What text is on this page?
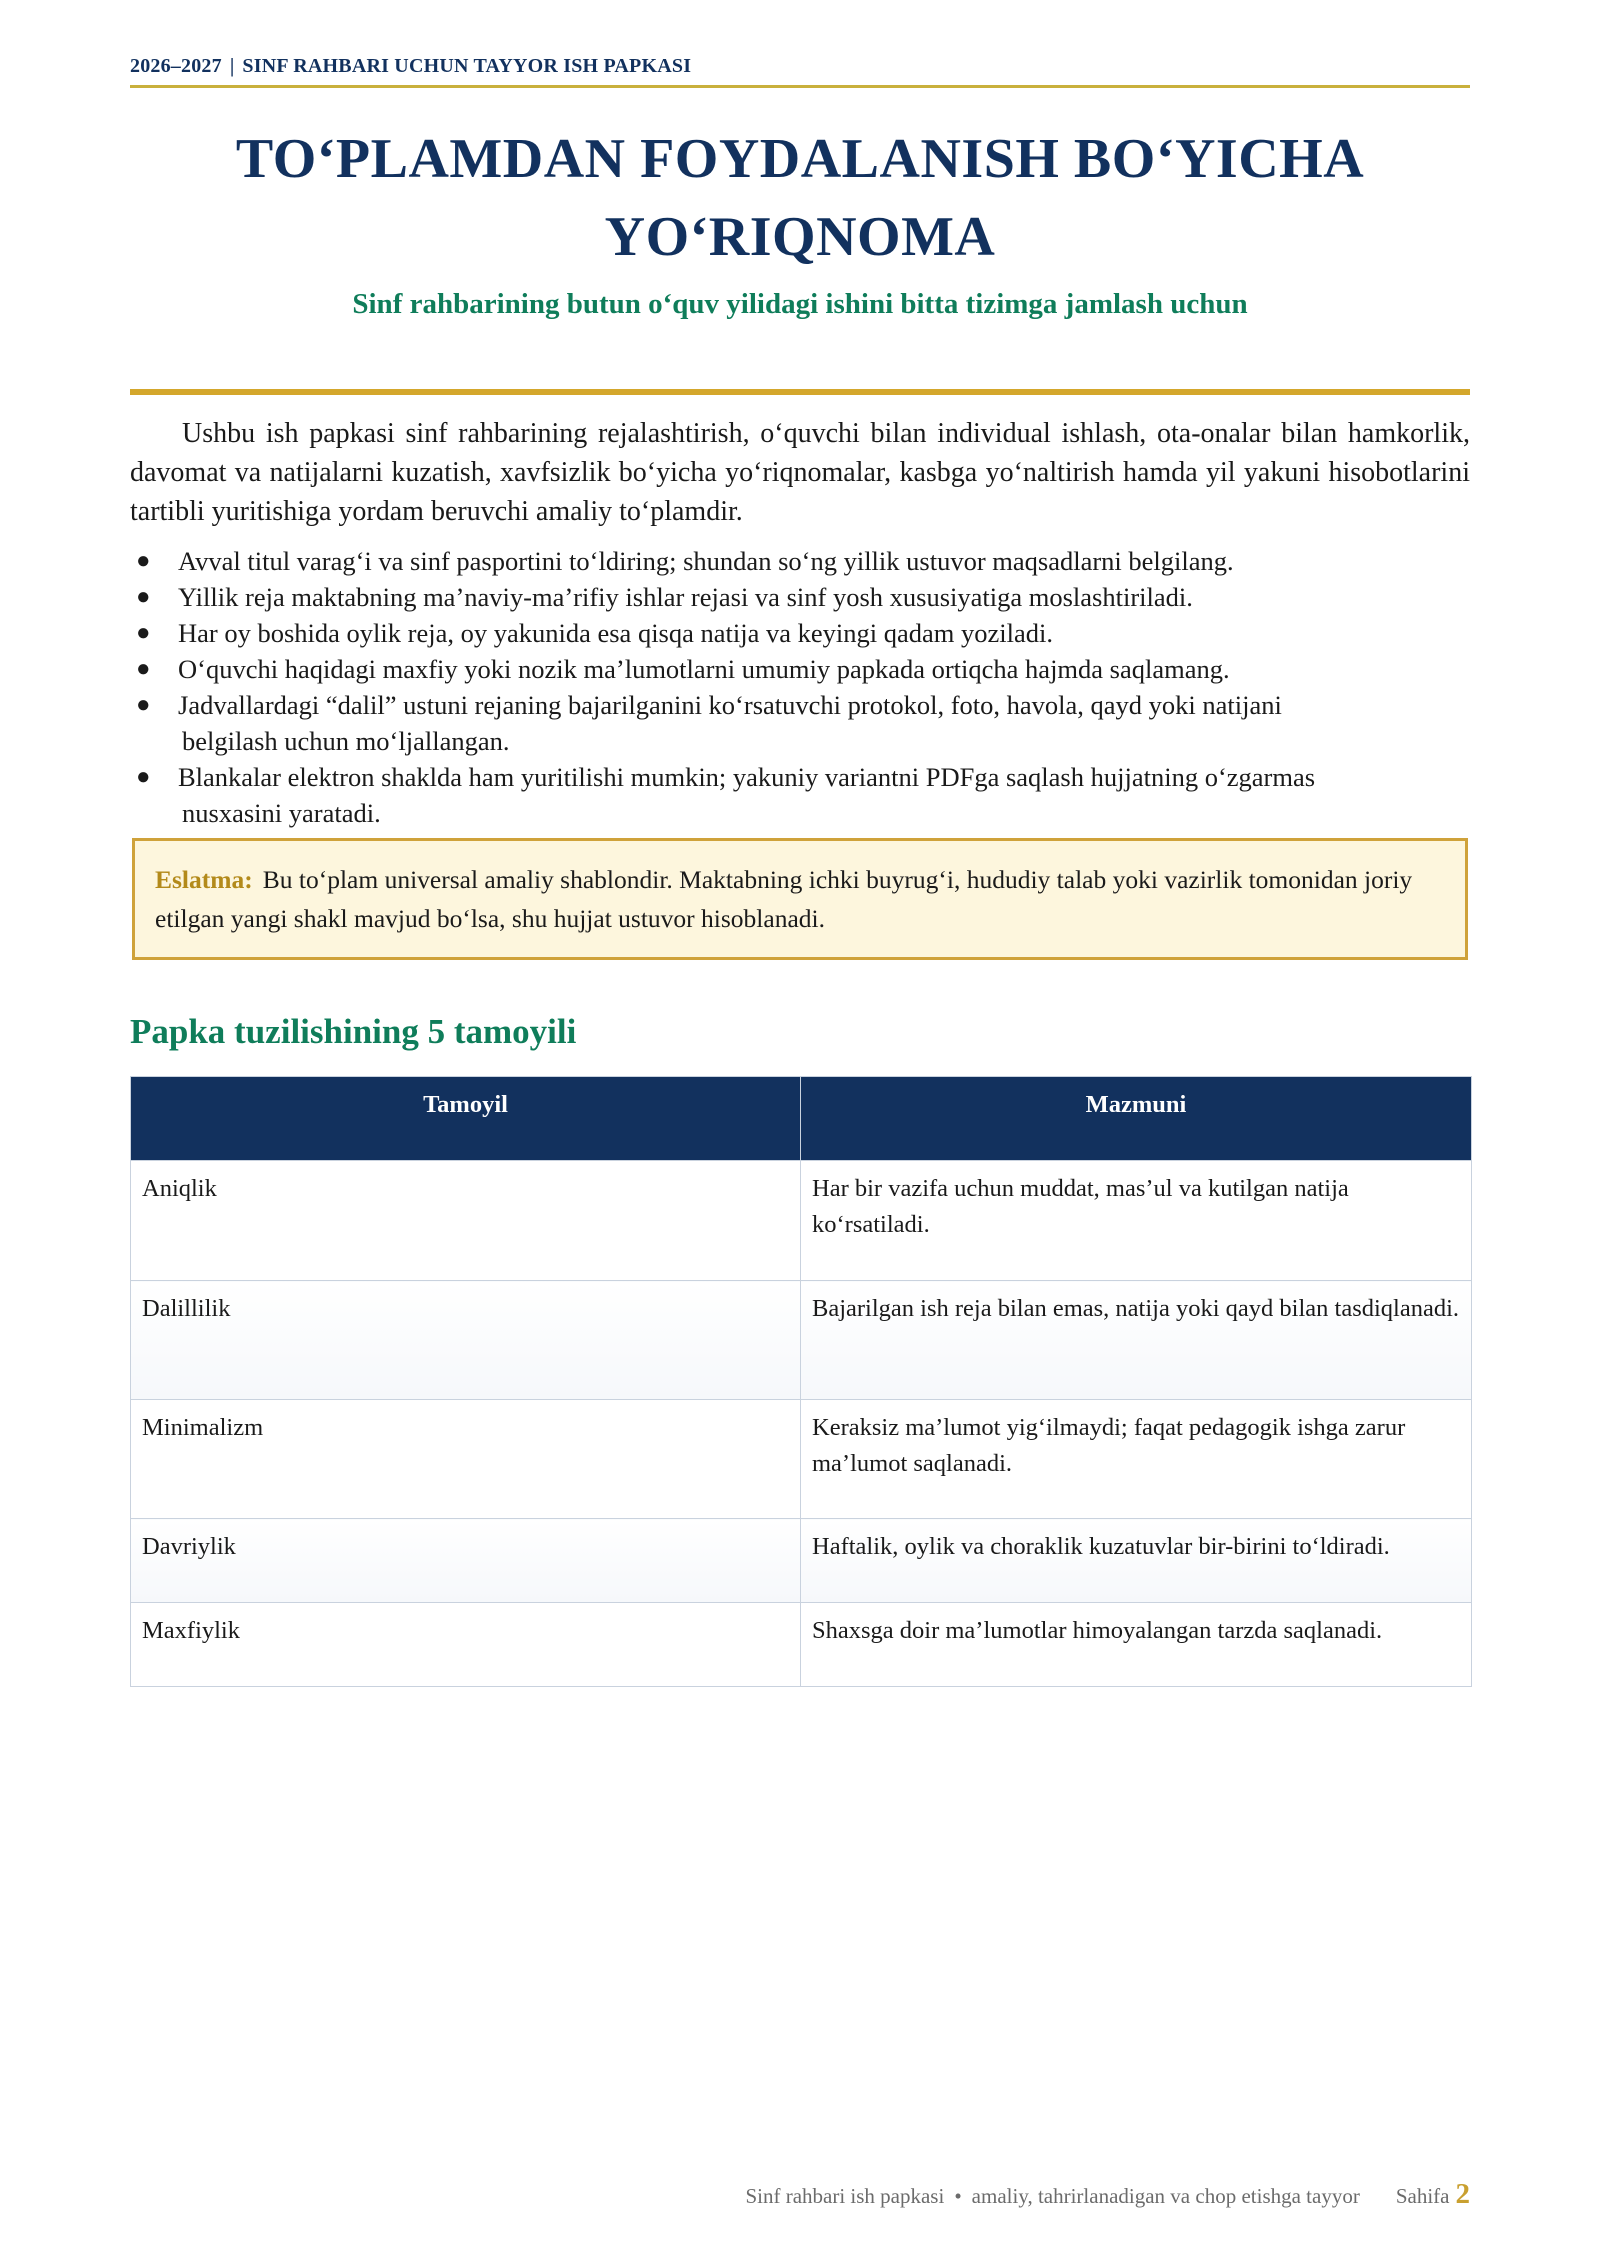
2026–2027 | SINF RAHBARI UCHUN TAYYOR ISH PAPKASI
TO‘PLAMDAN FOYDALANISH BO‘YICHA
YO‘RIQNOMA

Sinf rahbarining butun o‘quv yilidagi ishini bitta tizimga jamlash uchun

Ushbu ish papkasi sinf rahbarining rejalashtirish, o‘quvchi bilan individual ishlash, ota-onalar bilan hamkorlik, davomat va natijalarni kuzatish, xavfsizlik bo‘yicha yo‘riqnomalar, kasbga yo‘naltirish hamda yil yakuni hisobotlarini tartibli yuritishiga yordam beruvchi amaliy to‘plamdir.

● Avval titul varag‘i va sinf pasportini to‘ldiring; shundan so‘ng yillik ustuvor maqsadlarni belgilang.
● Yillik reja maktabning ma’naviy-ma’rifiy ishlar rejasi va sinf yosh xususiyatiga moslashtiriladi.
● Har oy boshida oylik reja, oy yakunida esa qisqa natija va keyingi qadam yoziladi.
● O‘quvchi haqidagi maxfiy yoki nozik ma’lumotlarni umumiy papkada ortiqcha hajmda saqlamang.
● Jadvallardagi “dalil” ustuni rejaning bajarilganini ko‘rsatuvchi protokol, foto, havola, qayd yoki natijani
belgilash uchun mo‘ljallangan.
● Blankalar elektron shaklda ham yuritilishi mumkin; yakuniy variantni PDFga saqlash hujjatning o‘zgarmas
nusxasini yaratadi.
Eslatma: Bu to‘plam universal amaliy shablondir. Maktabning ichki buyrug‘i, hududiy talab yoki vazirlik tomonidan joriy etilgan yangi shakl mavjud bo‘lsa, shu hujjat ustuvor hisoblanadi.
Papka tuzilishining 5 tamoyili
Tamoyil	Mazmuni
Aniqlik	Har bir vazifa uchun muddat, mas’ul va kutilgan natija ko‘rsatiladi.
Dalillilik	Bajarilgan ish reja bilan emas, natija yoki qayd bilan tasdiqlanadi.
Minimalizm	Keraksiz ma’lumot yig‘ilmaydi; faqat pedagogik ishga zarur ma’lumot saqlanadi.
Davriylik	Haftalik, oylik va choraklik kuzatuvlar bir-birini to‘ldiradi.
Maxfiylik	Shaxsga doir ma’lumotlar himoyalangan tarzda saqlanadi.
Sinf rahbari ish papkasi • amaliy, tahrirlanadigan va chop etishga tayyor Sahifa 2
